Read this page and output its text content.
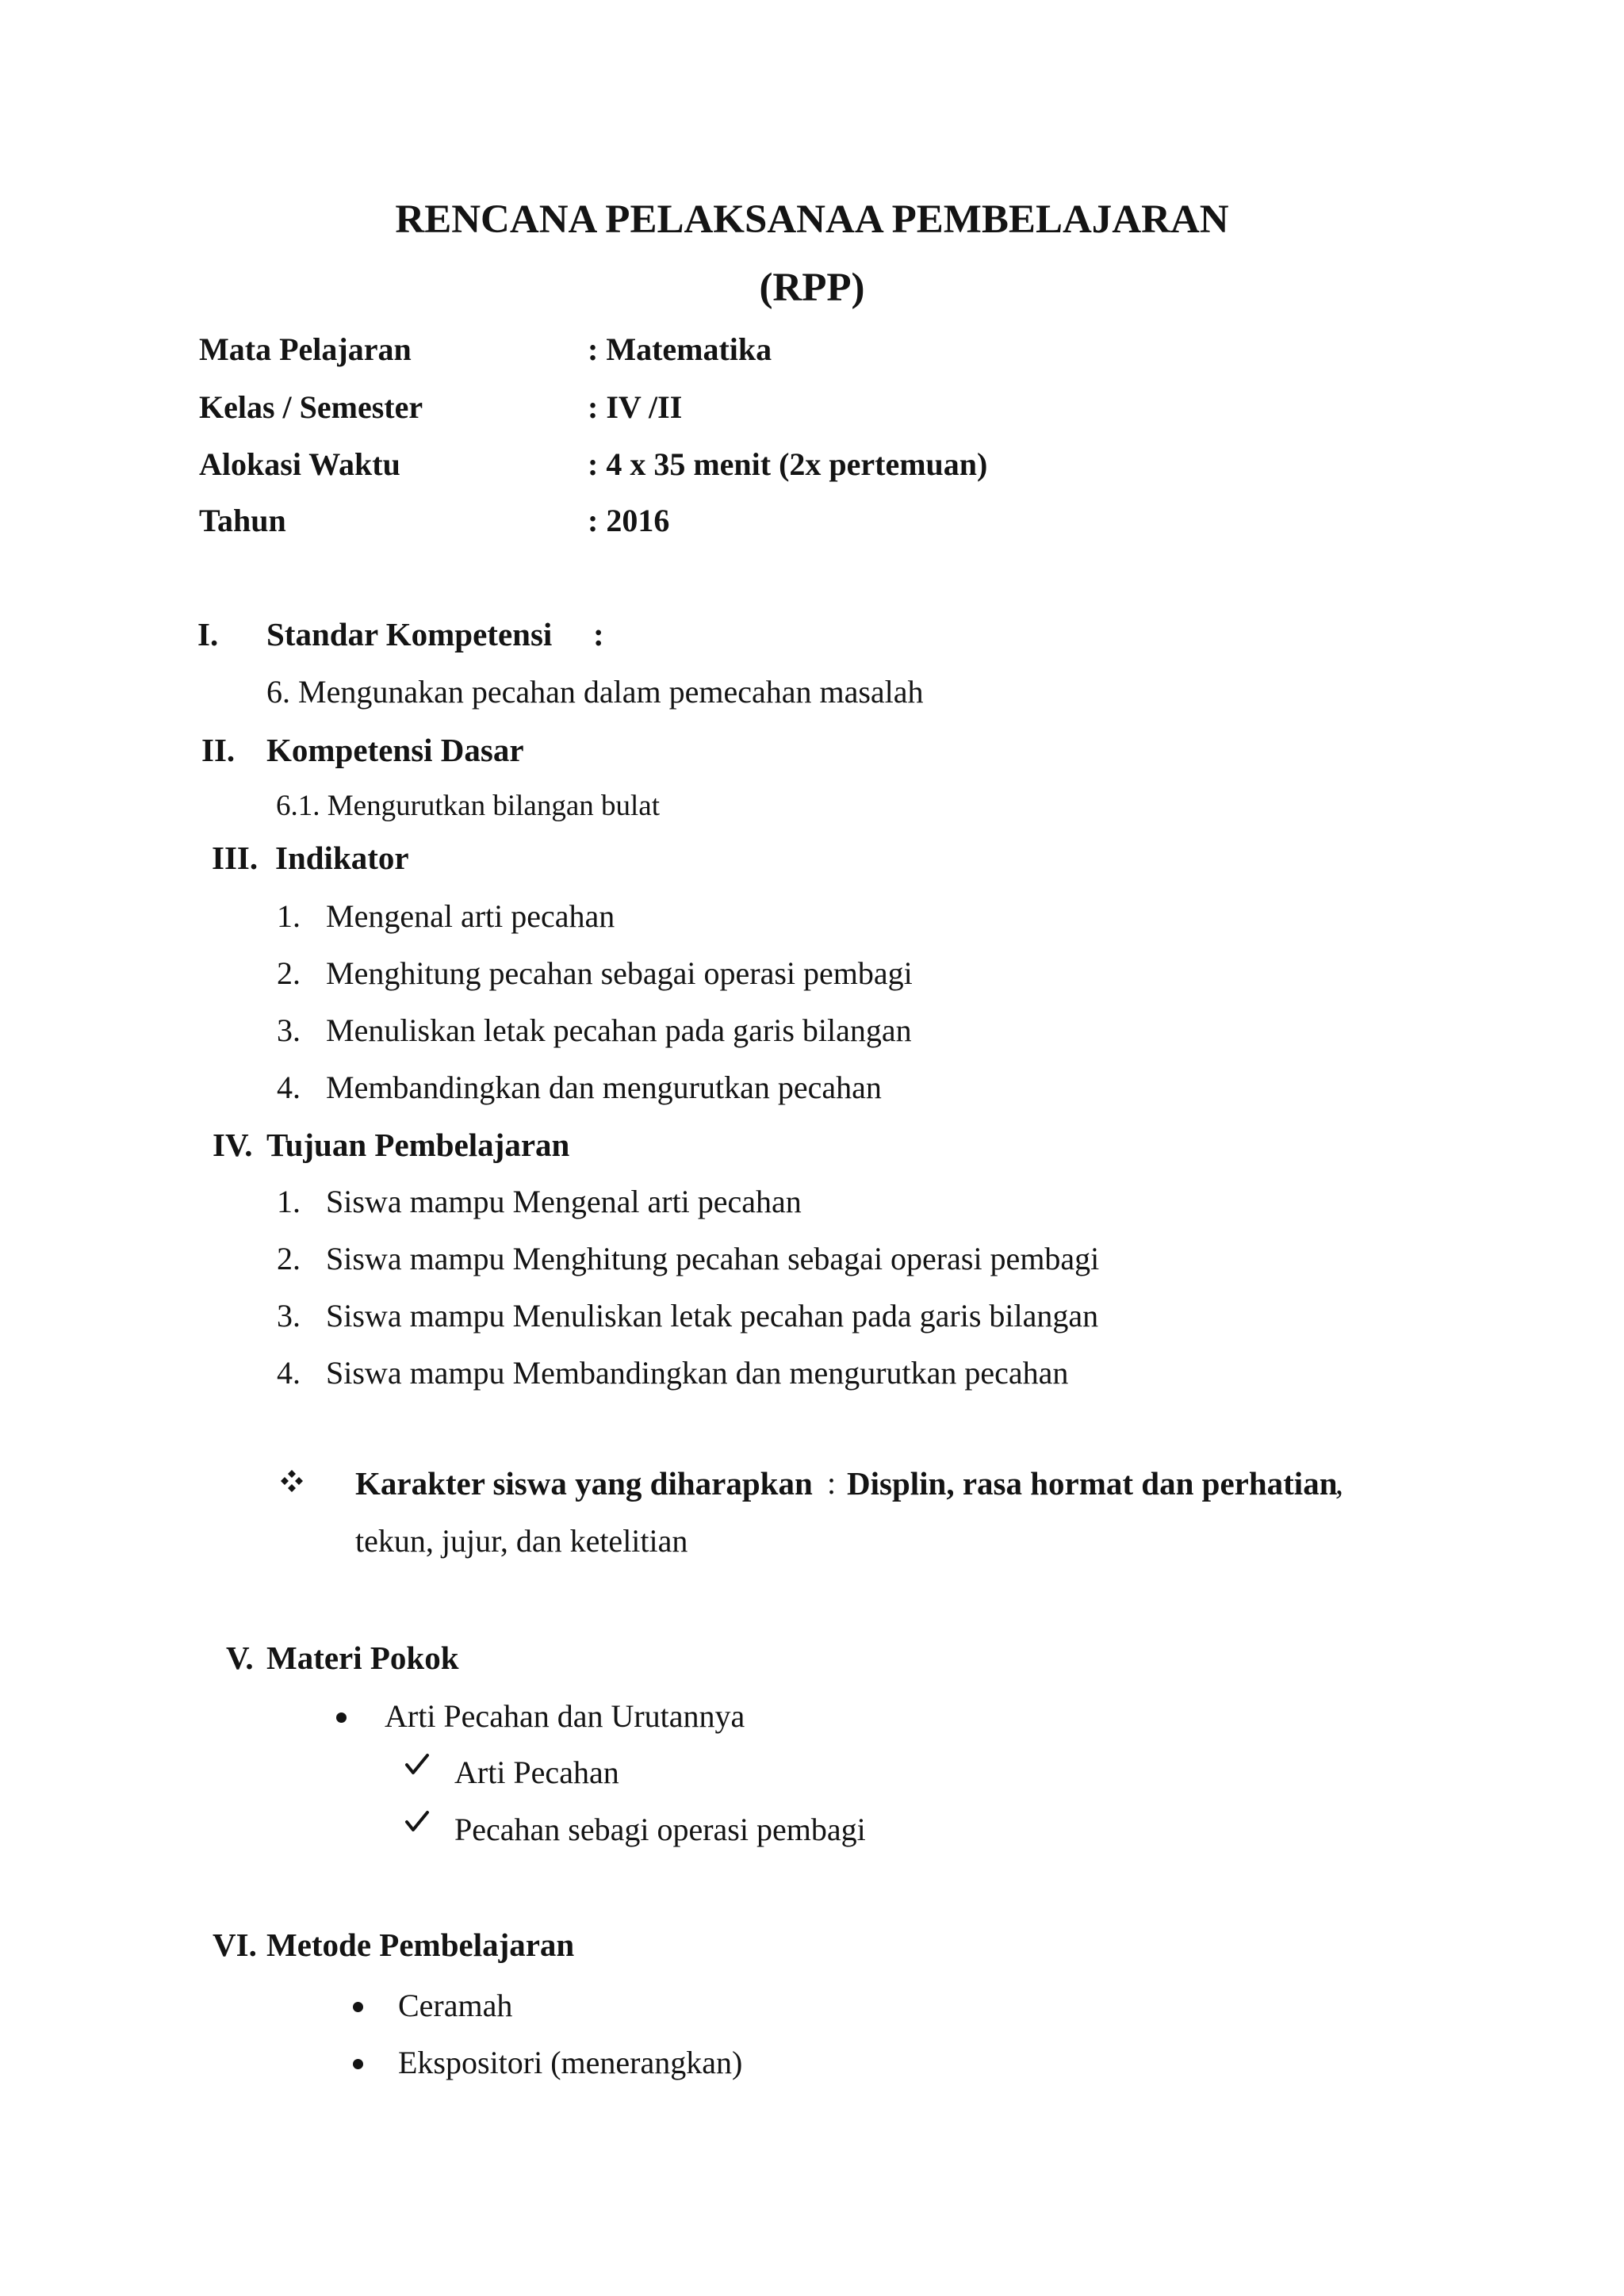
RENCANA PELAKSANAA PEMBELAJARAN
(RPP)
Mata Pelajaran	: Matematika
Kelas / Semester	: IV /II
Alokasi Waktu	: 4 x 35 menit (2x pertemuan)
Tahun	: 2016
I. Standar Kompetensi :
6. Mengunakan pecahan dalam pemecahan masalah
II. Kompetensi Dasar
6.1. Mengurutkan bilangan bulat
III. Indikator
1. Mengenal arti pecahan
2. Menghitung pecahan sebagai operasi pembagi
3. Menuliskan letak pecahan pada garis bilangan
4. Membandingkan dan mengurutkan pecahan
IV. Tujuan Pembelajaran
1. Siswa mampu Mengenal arti pecahan
2. Siswa mampu Menghitung pecahan sebagai operasi pembagi
3. Siswa mampu Menuliskan letak pecahan pada garis bilangan
4. Siswa mampu Membandingkan dan mengurutkan pecahan
Karakter siswa yang diharapkan : Displin, rasa hormat dan perhatian
,
tekun, jujur, dan ketelitian
V. Materi Pokok
Arti Pecahan dan Urutannya
Arti Pecahan
Pecahan sebagi operasi pembagi
VI. Metode Pembelajaran
Ceramah
Ekspositori (menerangkan)
